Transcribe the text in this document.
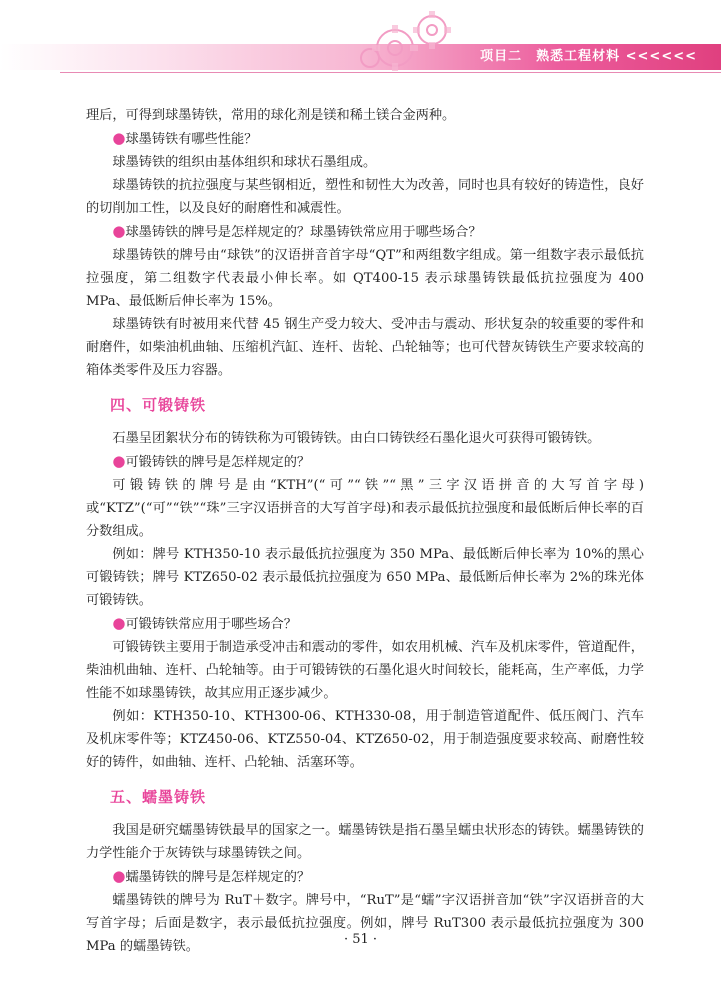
项目二　熟悉工程材料 <<<<<<

理后，可得到球墨铸铁，常用的球化剂是镁和稀土镁合金两种。

●球墨铸铁有哪些性能？

球墨铸铁的组织由基体组织和球状石墨组成。

球墨铸铁的抗拉强度与某些钢相近，塑性和韧性大为改善，同时也具有较好的铸造性，良好的切削加工性，以及良好的耐磨性和减震性。

●球墨铸铁的牌号是怎样规定的？球墨铸铁常应用于哪些场合？

球墨铸铁的牌号由“球铁”的汉语拼音首字母“QT”和两组数字组成。第一组数字表示最低抗拉强度，第二组数字代表最小伸长率。如 QT400-15 表示球墨铸铁最低抗拉强度为 400 MPa、最低断后伸长率为 15%。

球墨铸铁有时被用来代替 45 钢生产受力较大、受冲击与震动、形状复杂的较重要的零件和耐磨件，如柴油机曲轴、压缩机汽缸、连杆、齿轮、凸轮轴等；也可代替灰铸铁生产要求较高的箱体类零件及压力容器。

四、可锻铸铁

石墨呈团絮状分布的铸铁称为可锻铸铁。由白口铸铁经石墨化退火可获得可锻铸铁。

●可锻铸铁的牌号是怎样规定的？

可锻铸铁的牌号是由“KTH”(“可”“铁”“黑”三字汉语拼音的大写首字母)或“KTZ”(“可”“铁”“珠”三字汉语拼音的大写首字母)和表示最低抗拉强度和最低断后伸长率的百分数组成。

例如：牌号 KTH350-10 表示最低抗拉强度为 350 MPa、最低断后伸长率为 10%的黑心可锻铸铁；牌号 KTZ650-02 表示最低抗拉强度为 650 MPa、最低断后伸长率为 2%的珠光体可锻铸铁。

●可锻铸铁常应用于哪些场合？

可锻铸铁主要用于制造承受冲击和震动的零件，如农用机械、汽车及机床零件，管道配件，柴油机曲轴、连杆、凸轮轴等。由于可锻铸铁的石墨化退火时间较长，能耗高，生产率低，力学性能不如球墨铸铁，故其应用正逐步减少。

例如：KTH350-10、KTH300-06、KTH330-08，用于制造管道配件、低压阀门、汽车及机床零件等；KTZ450-06、KTZ550-04、KTZ650-02，用于制造强度要求较高、耐磨性较好的铸件，如曲轴、连杆、凸轮轴、活塞环等。

五、蠕墨铸铁

我国是研究蠕墨铸铁最早的国家之一。蠕墨铸铁是指石墨呈蠕虫状形态的铸铁。蠕墨铸铁的力学性能介于灰铸铁与球墨铸铁之间。

●蠕墨铸铁的牌号是怎样规定的？

蠕墨铸铁的牌号为 RuT＋数字。牌号中，“RuT”是“蠕”字汉语拼音加“铁”字汉语拼音的大写首字母；后面是数字，表示最低抗拉强度。例如，牌号 RuT300 表示最低抗拉强度为 300 MPa 的蠕墨铸铁。	· 51 ·
